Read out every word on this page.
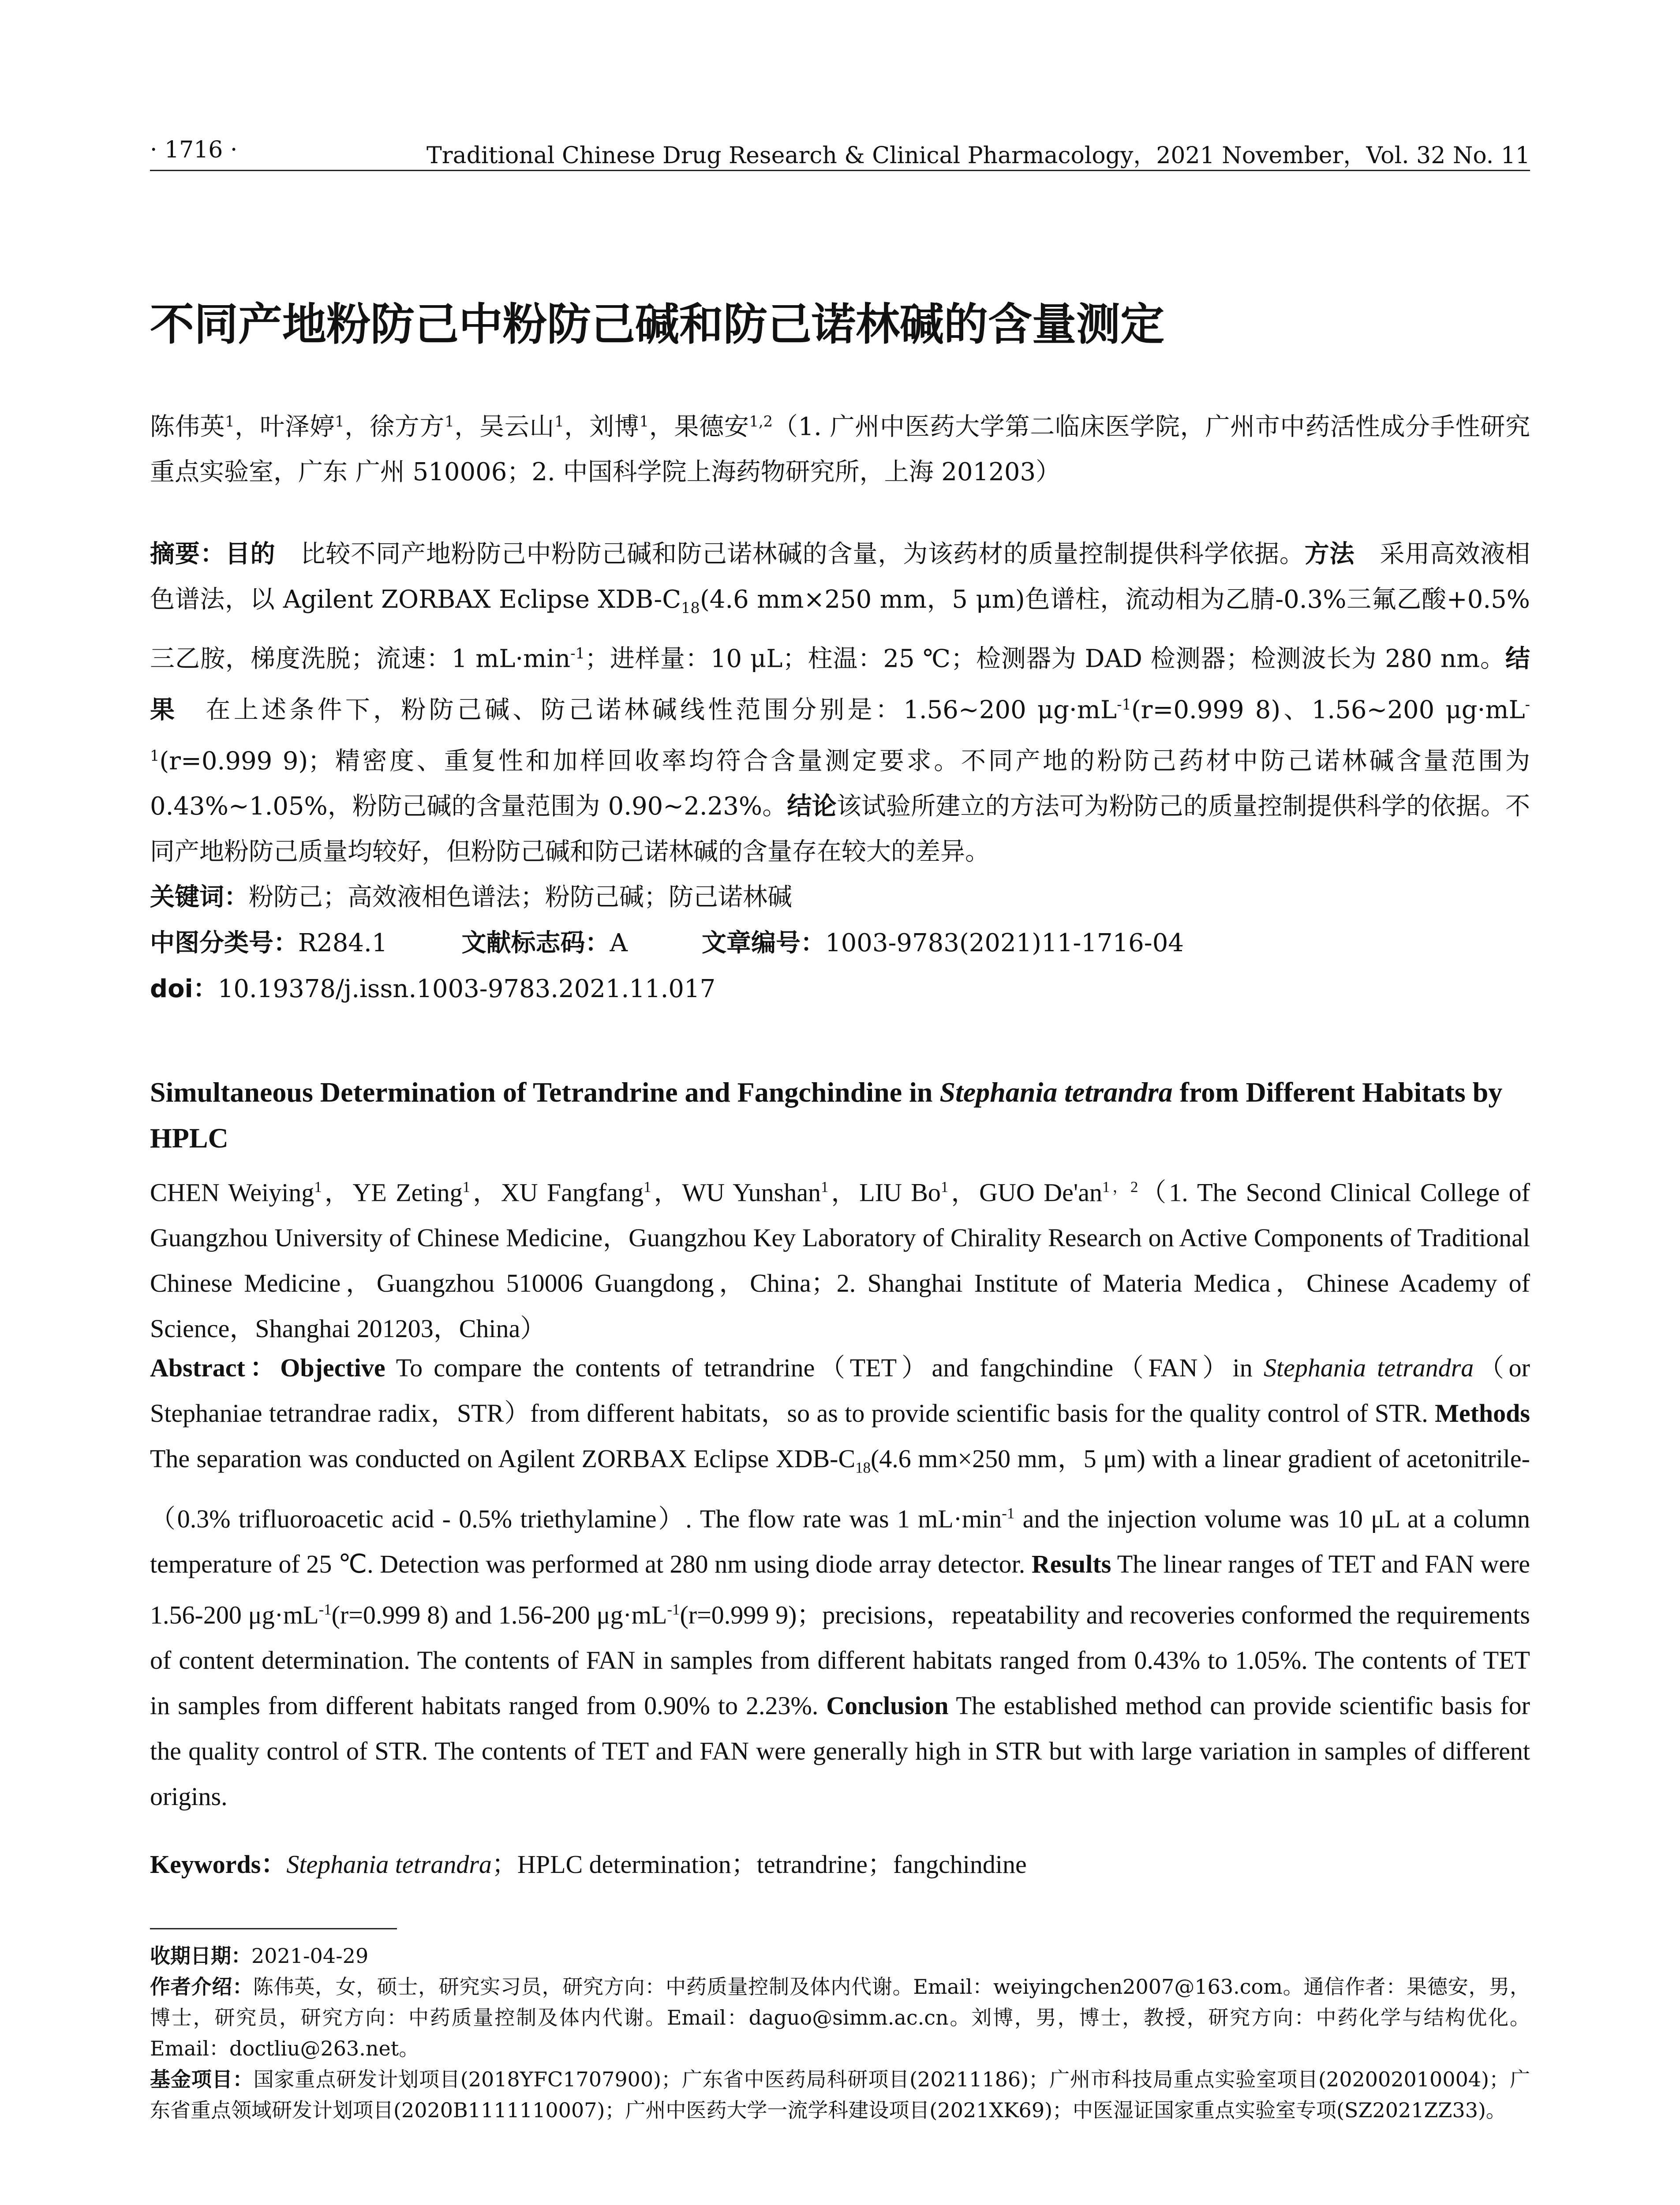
· 1716 ·	Traditional Chinese Drug Research & Clinical Pharmacology，2021 November，Vol. 32 No. 11
不同产地粉防己中粉防己碱和防己诺林碱的含量测定
陈伟英$^1$，叶泽婷$^1$，徐方方$^1$，吴云山$^1$，刘博$^1$，果德安$^{1,2}$（1. 广州中医药大学第二临床医学院，广州市中药活性成分手性研究重点实验室，广东 广州 510006；2. 中国科学院上海药物研究所，上海 201203）
摘要：目的  比较不同产地粉防己中粉防己碱和防己诺林碱的含量，为该药材的质量控制提供科学依据。方法  采用高效液相色谱法，以 Agilent ZORBAX Eclipse XDB-$C_{18}(4.6$ mm×250 mm，5 μm)色谱柱，流动相为乙腈-0.3%三氟乙酸+0.5%三乙胺，梯度洗脱；流速：1 $mL\cdot\min^{-1}$；进样量：10 μL；柱温：25 ℃；检测器为 DAD 检测器；检测波长为 280 nm。结果  在上述条件下，粉防己碱、防己诺林碱线性范围分别是：1.56~200 $\mu g\cdot mL^{-1}(r=0.999$ 8)、1.56~200 $\mu g\cdot mL^{-1}(r=0.999$ 9)；精密度、重复性和加样回收率均符合含量测定要求。不同产地的粉防己药材中防己诺林碱含量范围为 0.43%~1.05%，粉防己碱的含量范围为 0.90~2.23%。结论该试验所建立的方法可为粉防己的质量控制提供科学的依据。不同产地粉防己质量均较好，但粉防己碱和防己诺林碱的含量存在较大的差异。
关键词：粉防己；高效液相色谱法；粉防己碱；防己诺林碱
中图分类号：R284.1   	文献标志码：A   	文章编号：1003-9783(2021)11-1716-04
doi：10.19378/j.issn.1003-9783.2021.11.017
Simultaneous Determination of Tetrandrine and Fangchindine in Stephania tetrandra from Different Habitats by HPLC
CHEN Weiying$^1$，YE Zeting$^1$，XU Fangfang$^1$，WU Yunshan$^1$，LIU Bo$^1$，GUO $De'an^{1,2}(1$. The Second Clinical College of Guangzhou University of Chinese Medicine，Guangzhou Key Laboratory of Chirality Research on Active Components of Traditional Chinese Medicine，Guangzhou 510006 Guangdong，China；2. Shanghai Institute of Materia Medica，Chinese Academy of Science，Shanghai 201203，China）
Abstract：Objective To compare the contents of tetrandrine（TET）and fangchindine（FAN）in Stephania tetrandra（or Stephaniae tetrandrae radix，STR）from different habitats，so as to provide scientific basis for the quality control of STR. Methods The separation was conducted on Agilent ZORBAX Eclipse XDB-$C_{18}(4.6$ mm×250 mm，5 μm) with a linear gradient of acetonitrile-（0.3% trifluoroacetic acid - 0.5% triethylamine）. The flow rate was 1 $mL\cdot\min^{-1}$ and the injection volume was 10 μL at a column temperature of 25 ℃. Detection was performed at 280 nm using diode array detector. Results The linear ranges of TET and FAN were 1.56-200 $\mu g\cdot mL^{-1}(r=0.999$ 8) and 1.56-200 $\mu g\cdot mL^{-1}(r=0.999$ 9)；precisions，repeatability and recoveries conformed the requirements of content determination. The contents of FAN in samples from different habitats ranged from 0.43% to 1.05%. The contents of TET in samples from different habitats ranged from 0.90% to 2.23%. Conclusion The established method can provide scientific basis for the quality control of STR. The contents of TET and FAN were generally high in STR but with large variation in samples of different origins.
Keywords：Stephania tetrandra；HPLC determination；tetrandrine；fangchindine

收期日期：2021-04-29

作者介绍：陈伟英，女，硕士，研究实习员，研究方向：中药质量控制及体内代谢。Email：weiyingchen2007@163.com。通信作者：果德安，男，博士，研究员，研究方向：中药质量控制及体内代谢。Email：daguo@simm.ac.cn。刘博，男，博士，教授，研究方向：中药化学与结构优化。Email：doctliu@263.net。

基金项目：国家重点研发计划项目(2018YFC1707900)；广东省中医药局科研项目(20211186)；广州市科技局重点实验室项目(202002010004)；广东省重点领域研发计划项目(2020B1111110007)；广州中医药大学一流学科建设项目(2021XK69)；中医湿证国家重点实验室专项(SZ2021ZZ33)。
